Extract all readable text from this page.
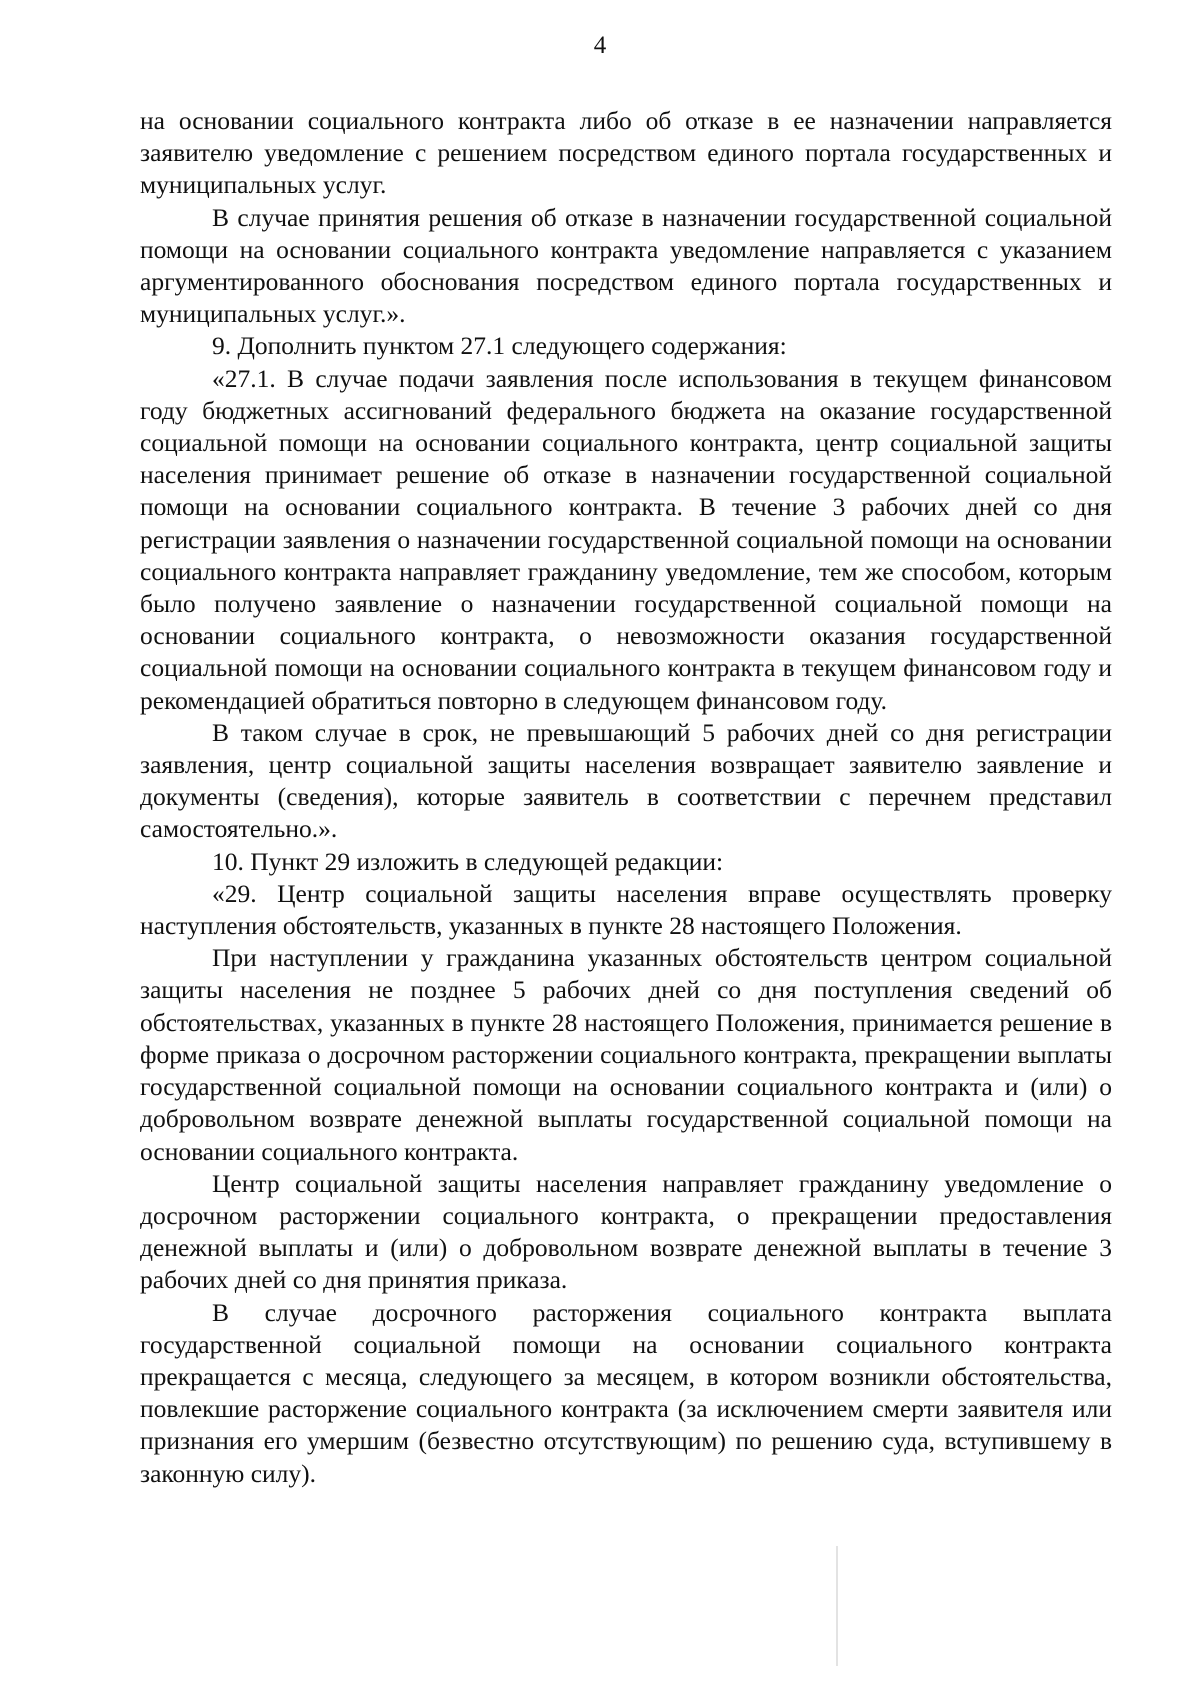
4

на основании социального контракта либо об отказе в ее назначении направляется заявителю уведомление с решением посредством единого портала государственных и муниципальных услуг.

В случае принятия решения об отказе в назначении государственной социальной помощи на основании социального контракта уведомление направляется с указанием аргументированного обоснования посредством единого портала государственных и муниципальных услуг.».

9. Дополнить пунктом 27.1 следующего содержания:

«27.1. В случае подачи заявления после использования в текущем финансовом году бюджетных ассигнований федерального бюджета на оказание государственной социальной помощи на основании социального контракта, центр социальной защиты населения принимает решение об отказе в назначении государственной социальной помощи на основании социального контракта. В течение 3 рабочих дней со дня регистрации заявления о назначении государственной социальной помощи на основании социального контракта направляет гражданину уведомление, тем же способом, которым было получено заявление о назначении государственной социальной помощи на основании социального контракта, о невозможности оказания государственной социальной помощи на основании социального контракта в текущем финансовом году и рекомендацией обратиться повторно в следующем финансовом году.

В таком случае в срок, не превышающий 5 рабочих дней со дня регистрации заявления, центр социальной защиты населения возвращает заявителю заявление и документы (сведения), которые заявитель в соответствии с перечнем представил самостоятельно.».

10. Пункт 29 изложить в следующей редакции:

«29. Центр социальной защиты населения вправе осуществлять проверку наступления обстоятельств, указанных в пункте 28 настоящего Положения.

При наступлении у гражданина указанных обстоятельств центром социальной защиты населения не позднее 5 рабочих дней со дня поступления сведений об обстоятельствах, указанных в пункте 28 настоящего Положения, принимается решение в форме приказа о досрочном расторжении социального контракта, прекращении выплаты государственной социальной помощи на основании социального контракта и (или) о добровольном возврате денежной выплаты государственной социальной помощи на основании социального контракта.

Центр социальной защиты населения направляет гражданину уведомление о досрочном расторжении социального контракта, о прекращении предоставления денежной выплаты и (или) о добровольном возврате денежной выплаты в течение 3 рабочих дней со дня принятия приказа.

В случае досрочного расторжения социального контракта выплата государственной социальной помощи на основании социального контракта прекращается с месяца, следующего за месяцем, в котором возникли обстоятельства, повлекшие расторжение социального контракта (за исключением смерти заявителя или признания его умершим (безвестно отсутствующим) по решению суда, вступившему в законную силу).
